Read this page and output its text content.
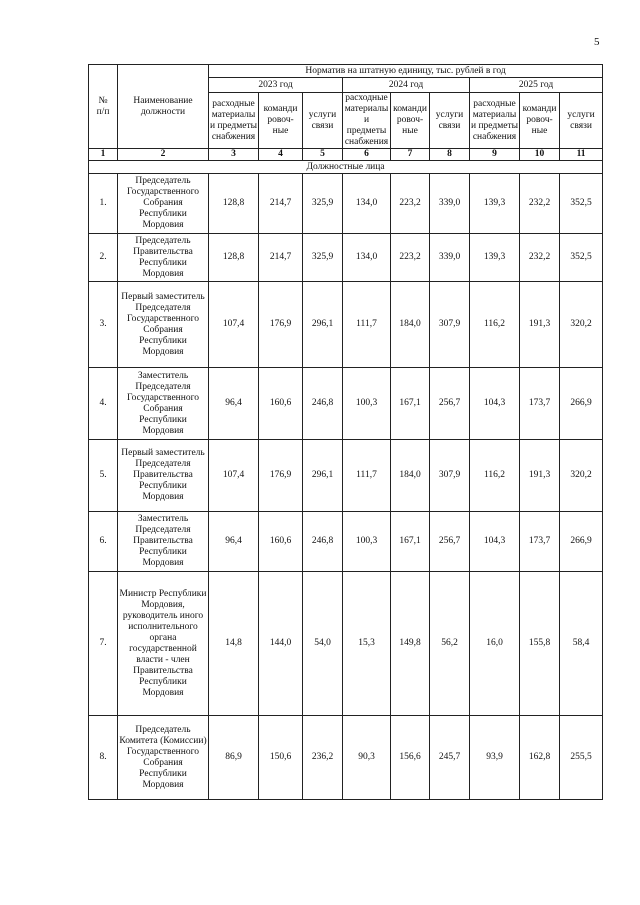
5
№
п/п	Наименование должности	Норматив на штатную единицу, тыс. рублей в год								
		2023 год			2024 год			2025 год		
		расходные материалы и предметы снабжения	команди ровоч-ные	услуги связи	расходные материалы и предметы снабжения	команди ровоч-ные	услуги связи	расходные материалы и предметы снабжения	команди ровоч-ные	услуги связи
1	2	3	4	5	6	7	8	9	10	11
Должностные лица										
1.	Председатель Государственного Собрания Республики Мордовия	128,8	214,7	325,9	134,0	223,2	339,0	139,3	232,2	352,5
2.	Председатель Правительства Республики Мордовия	128,8	214,7	325,9	134,0	223,2	339,0	139,3	232,2	352,5
3.	Первый заместитель Председателя Государственного Собрания Республики Мордовия	107,4	176,9	296,1	111,7	184,0	307,9	116,2	191,3	320,2
4.	Заместитель Председателя Государственного Собрания Республики Мордовия	96,4	160,6	246,8	100,3	167,1	256,7	104,3	173,7	266,9
5.	Первый заместитель Председателя Правительства Республики Мордовия	107,4	176,9	296,1	111,7	184,0	307,9	116,2	191,3	320,2
6.	Заместитель Председателя Правительства Республики Мордовия	96,4	160,6	246,8	100,3	167,1	256,7	104,3	173,7	266,9
7.	Министр Республики Мордовия, руководитель иного исполнительного органа государственной власти - член Правительства Республики Мордовия	14,8	144,0	54,0	15,3	149,8	56,2	16,0	155,8	58,4
8.	Председатель Комитета (Комиссии) Государственного Собрания Республики Мордовия	86,9	150,6	236,2	90,3	156,6	245,7	93,9	162,8	255,5
